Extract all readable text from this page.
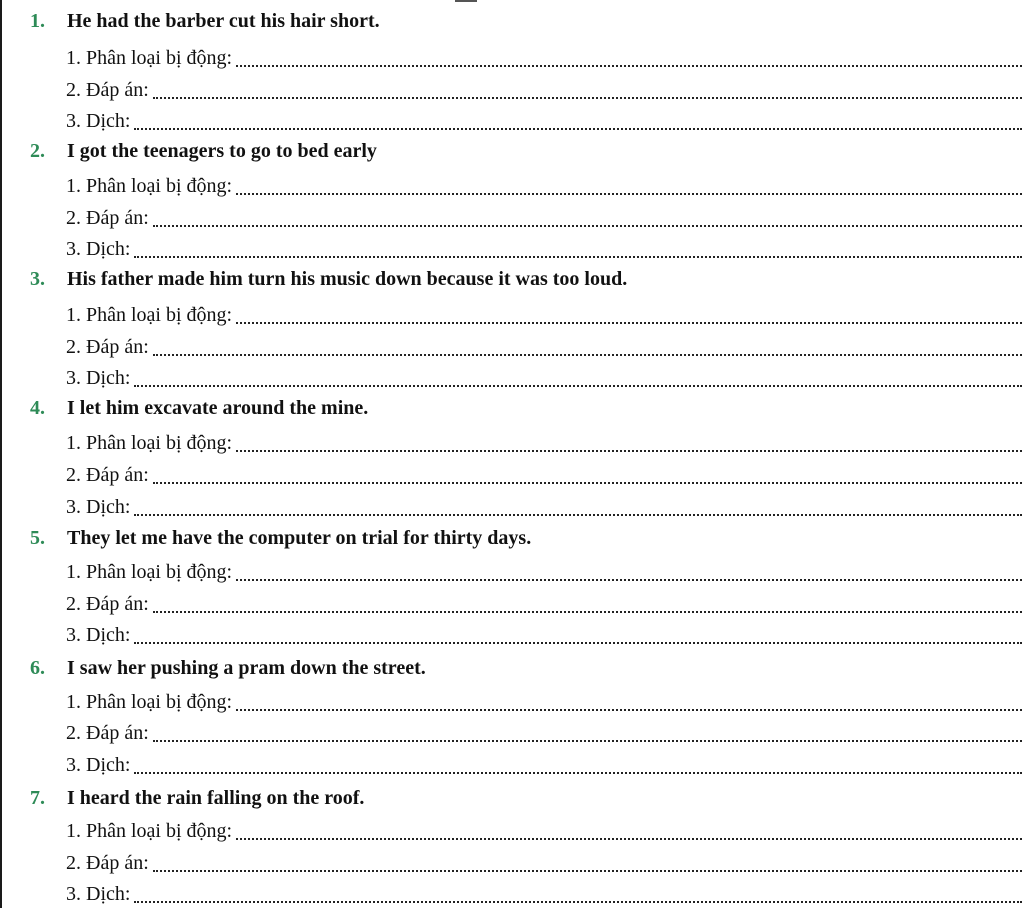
1.	He had the barber cut his hair short.
1. Phân loại bị động:
2. Đáp án:
3. Dịch:
2.	I got the teenagers to go to bed early
1. Phân loại bị động:
2. Đáp án:
3. Dịch:
3.	His father made him turn his music down because it was too loud.
1. Phân loại bị động:
2. Đáp án:
3. Dịch:
4.	I let him excavate around the mine.
1. Phân loại bị động:
2. Đáp án:
3. Dịch:
5.	They let me have the computer on trial for thirty days.
1. Phân loại bị động:
2. Đáp án:
3. Dịch:
6.	I saw her pushing a pram down the street.
1. Phân loại bị động:
2. Đáp án:
3. Dịch:
7.	I heard the rain falling on the roof.
1. Phân loại bị động:
2. Đáp án:
3. Dịch:
